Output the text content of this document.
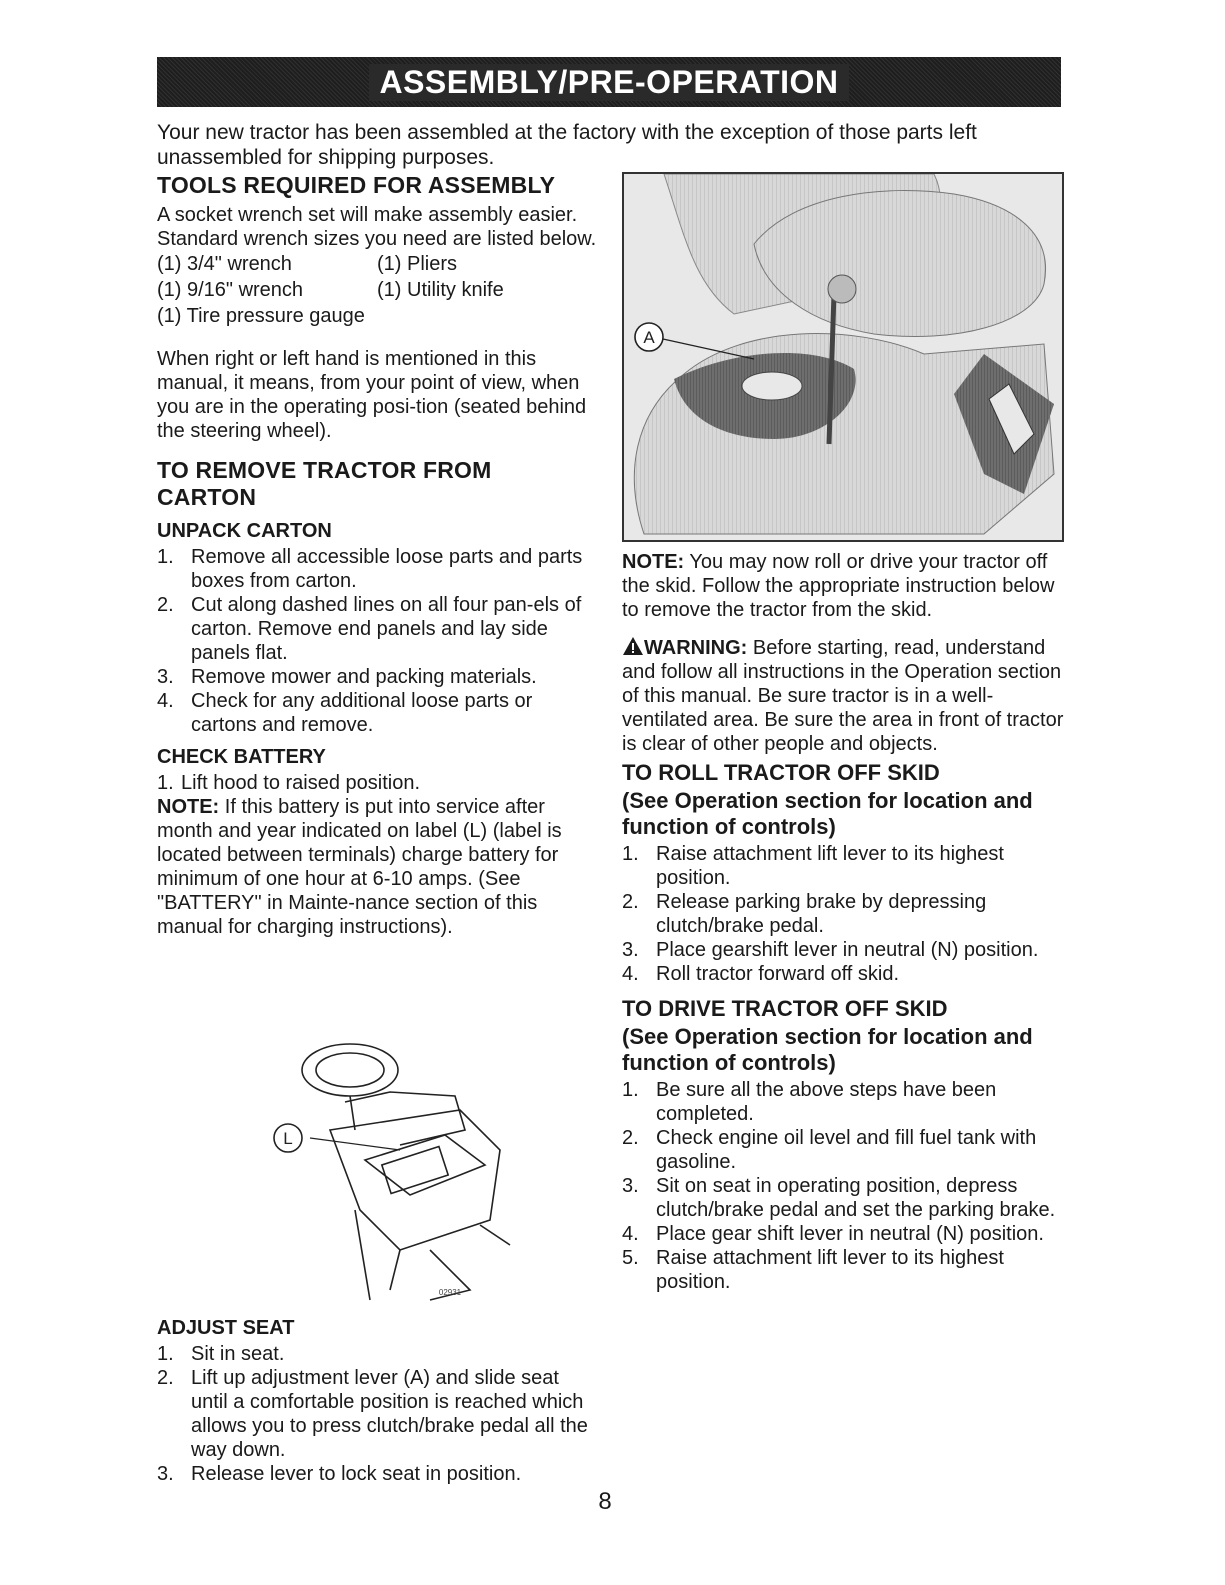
ASSEMBLY/PRE-OPERATION

Your new tractor has been assembled at the factory with the exception of those parts left unassembled for shipping purposes.

TOOLS REQUIRED FOR ASSEMBLY

A socket wrench set will make assembly easier. Standard wrench sizes you need are listed below.

(1) 3/4" wrench	(1) Pliers
(1) 9/16" wrench	(1) Utility knife
(1) Tire pressure gauge

When right or left hand is mentioned in this manual, it means, from your point of view, when you are in the operating posi-tion (seated behind the steering wheel).

TO REMOVE TRACTOR FROM CARTON
UNPACK CARTON
1. Remove all accessible loose parts and parts boxes from carton.
2. Cut along dashed lines on all four pan-els of carton. Remove end panels and lay side panels flat.
3. Remove mower and packing materials.
4. Check for any additional loose parts or cartons and remove.
CHECK BATTERY
1. Lift hood to raised position.

NOTE: If this battery is put into service after month and year indicated on label (L) (label is located between terminals) charge battery for minimum of one hour at 6-10 amps. (See "BATTERY" in Mainte-nance section of this manual for charging instructions).

L
02931
ADJUST SEAT
1. Sit in seat.
2. Lift up adjustment lever (A) and slide seat until a comfortable position is reached which allows you to press clutch/brake pedal all the way down.
3. Release lever to lock seat in position.
A

NOTE: You may now roll or drive your tractor off the skid. Follow the appropriate instruction below to remove the tractor from the skid.

WARNING: Before starting, read, understand and follow all instructions in the Operation section of this manual. Be sure tractor is in a well-ventilated area. Be sure the area in front of tractor is clear of other people and objects.

TO ROLL TRACTOR OFF SKID
(See Operation section for location and function of controls)
1. Raise attachment lift lever to its highest position.
2. Release parking brake by depressing clutch/brake pedal.
3. Place gearshift lever in neutral (N) position.
4. Roll tractor forward off skid.
TO DRIVE TRACTOR OFF SKID
(See Operation section for location and function of controls)
1. Be sure all the above steps have been completed.
2. Check engine oil level and fill fuel tank with gasoline.
3. Sit on seat in operating position, depress clutch/brake pedal and set the parking brake.
4. Place gear shift lever in neutral (N) position.
5. Raise attachment lift lever to its highest position.
8
